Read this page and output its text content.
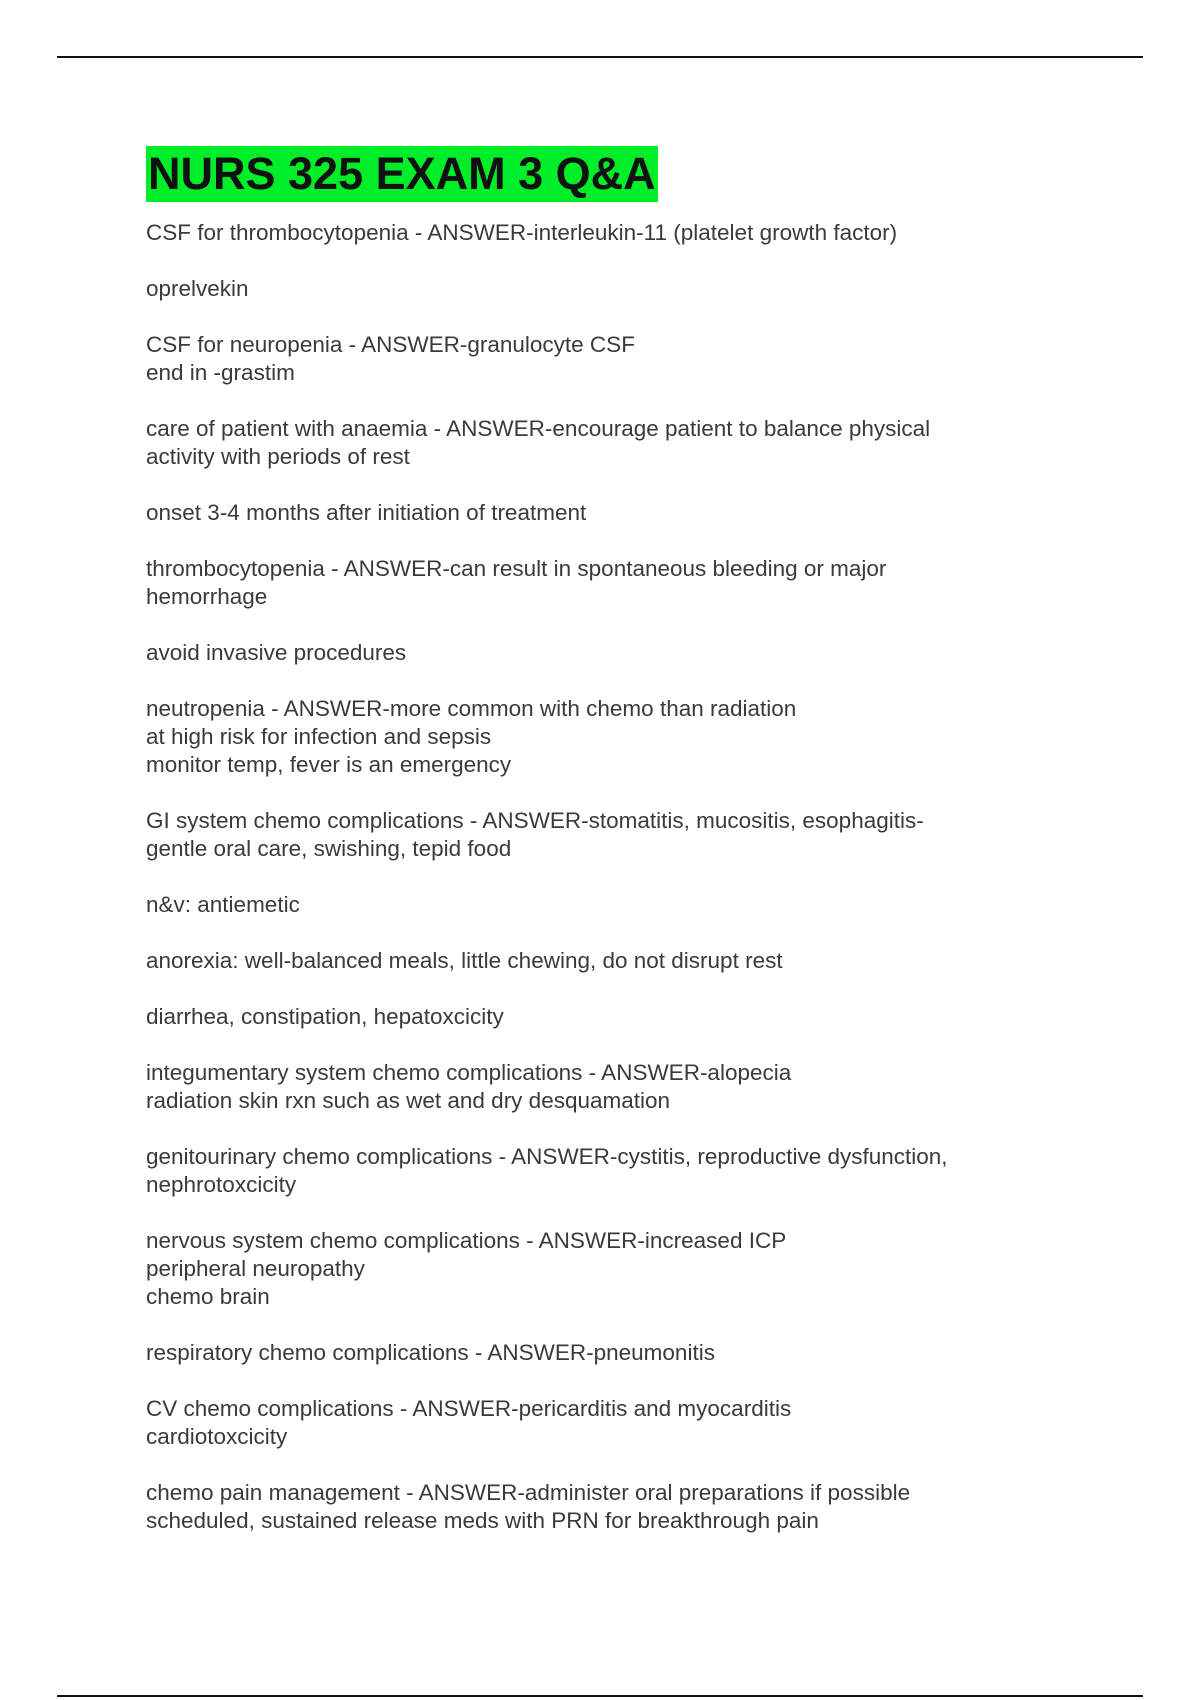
NURS 325 EXAM 3 Q&A
CSF for thrombocytopenia - ANSWER-interleukin-11 (platelet growth factor)
oprelvekin
CSF for neuropenia - ANSWER-granulocyte CSF
end in -grastim
care of patient with anaemia - ANSWER-encourage patient to balance physical
activity with periods of rest
onset 3-4 months after initiation of treatment
thrombocytopenia - ANSWER-can result in spontaneous bleeding or major
hemorrhage
avoid invasive procedures
neutropenia - ANSWER-more common with chemo than radiation
at high risk for infection and sepsis
monitor temp, fever is an emergency
GI system chemo complications - ANSWER-stomatitis, mucositis, esophagitis-
gentle oral care, swishing, tepid food
n&v: antiemetic
anorexia: well-balanced meals, little chewing, do not disrupt rest
diarrhea, constipation, hepatoxcicity
integumentary system chemo complications - ANSWER-alopecia
radiation skin rxn such as wet and dry desquamation
genitourinary chemo complications - ANSWER-cystitis, reproductive dysfunction,
nephrotoxcicity
nervous system chemo complications - ANSWER-increased ICP
peripheral neuropathy
chemo brain
respiratory chemo complications - ANSWER-pneumonitis
CV chemo complications - ANSWER-pericarditis and myocarditis
cardiotoxcicity
chemo pain management - ANSWER-administer oral preparations if possible
scheduled, sustained release meds with PRN for breakthrough pain
